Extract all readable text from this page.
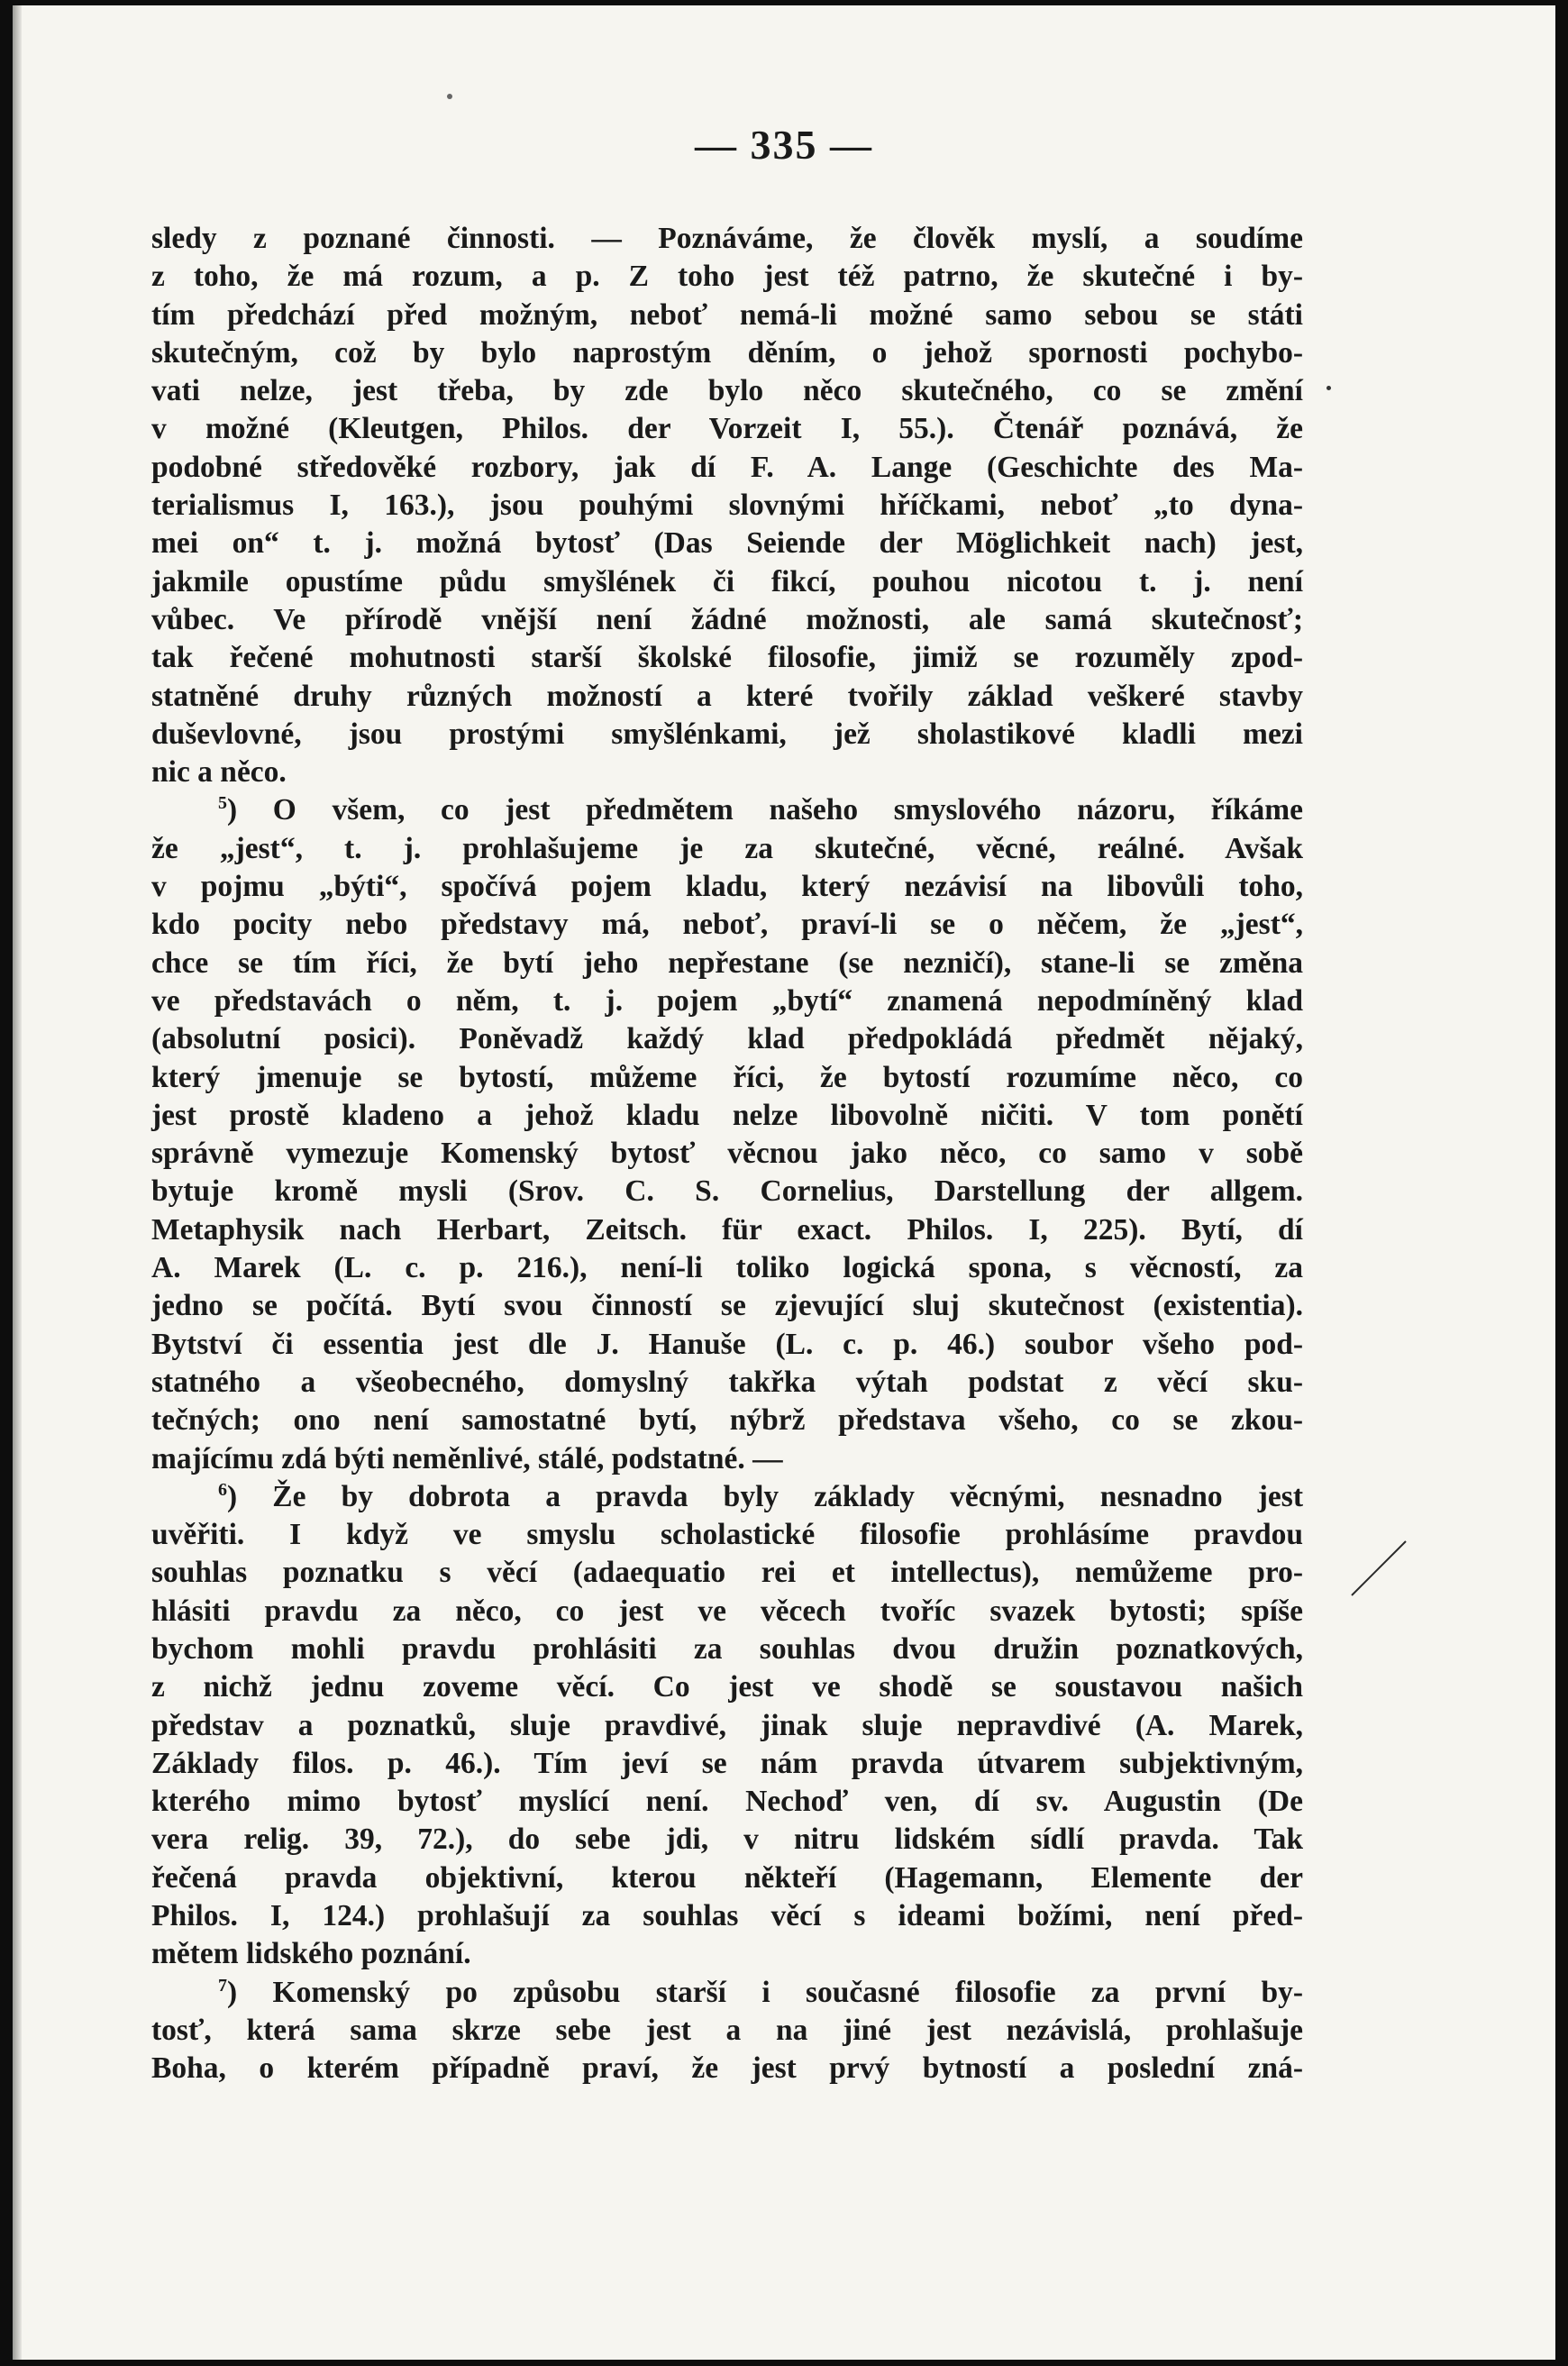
— 335 —
sledy z poznané činnosti. — Poznáváme, že člověk myslí, a soudíme
z toho, že má rozum, a p. Z toho jest též patrno, že skutečné i by-
tím předchází před možným, neboť nemá-li možné samo sebou se státi
skutečným, což by bylo naprostým děním, o jehož spornosti pochybo-
vati nelze, jest třeba, by zde bylo něco skutečného, co se změní
v možné (Kleutgen, Philos. der Vorzeit I, 55.). Čtenář poznává, že
podobné středověké rozbory, jak dí F. A. Lange (Geschichte des Ma-
terialismus I, 163.), jsou pouhými slovnými hříčkami, neboť „to dyna-
mei on“ t. j. možná bytosť (Das Seiende der Möglichkeit nach) jest,
jakmile opustíme půdu smyšlének či fikcí, pouhou nicotou t. j. není
vůbec. Ve přírodě vnější není žádné možnosti, ale samá skutečnosť;
tak řečené mohutnosti starší školské filosofie, jimiž se rozuměly zpod-
statněné druhy různých možností a které tvořily základ veškeré stavby
duševlovné, jsou prostými smyšlénkami, jež sholastikové kladli mezi
nic a něco.
$^5$) O všem, co jest předmětem našeho smyslového názoru, říkáme
že „jest“, t. j. prohlašujeme je za skutečné, věcné, reálné. Avšak
v pojmu „býti“, spočívá pojem kladu, který nezávisí na libovůli toho,
kdo pocity nebo představy má, neboť, praví-li se o něčem, že „jest“,
chce se tím říci, že bytí jeho nepřestane (se nezničí), stane-li se změna
ve představách o něm, t. j. pojem „bytí“ znamená nepodmíněný klad
(absolutní posici). Poněvadž každý klad předpokládá předmět nějaký,
který jmenuje se bytostí, můžeme říci, že bytostí rozumíme něco, co
jest prostě kladeno a jehož kladu nelze libovolně ničiti. V tom ponětí
správně vymezuje Komenský bytosť věcnou jako něco, co samo v sobě
bytuje kromě mysli (Srov. C. S. Cornelius, Darstellung der allgem.
Metaphysik nach Herbart, Zeitsch. für exact. Philos. I, 225). Bytí, dí
A. Marek (L. c. p. 216.), není-li toliko logická spona, s věcností, za
jedno se počítá. Bytí svou činností se zjevující sluj skutečnost (existentia).
Bytství či essentia jest dle J. Hanuše (L. c. p. 46.) soubor všeho pod-
statného a všeobecného, domyslný takřka výtah podstat z věcí sku-
tečných; ono není samostatné bytí, nýbrž představa všeho, co se zkou-
majícímu zdá býti neměnlivé, stálé, podstatné. —
$^6$) Že by dobrota a pravda byly základy věcnými, nesnadno jest
uvěřiti. I když ve smyslu scholastické filosofie prohlásíme pravdou
souhlas poznatku s věcí (adaequatio rei et intellectus), nemůžeme pro-
hlásiti pravdu za něco, co jest ve věcech tvoříc svazek bytosti; spíše
bychom mohli pravdu prohlásiti za souhlas dvou družin poznatkových,
z nichž jednu zoveme věcí. Co jest ve shodě se soustavou našich
představ a poznatků, sluje pravdivé, jinak sluje nepravdivé (A. Marek,
Základy filos. p. 46.). Tím jeví se nám pravda útvarem subjektivným,
kterého mimo bytosť myslící není. Nechoď ven, dí sv. Augustin (De
vera relig. 39, 72.), do sebe jdi, v nitru lidském sídlí pravda. Tak
řečená pravda objektivní, kterou někteří (Hagemann, Elemente der
Philos. I, 124.) prohlašují za souhlas věcí s ideami božími, není před-
mětem lidského poznání.
$^7$) Komenský po způsobu starší i současné filosofie za první by-
tosť, která sama skrze sebe jest a na jiné jest nezávislá, prohlašuje
Boha, o kterém případně praví, že jest prvý bytností a poslední zná-
